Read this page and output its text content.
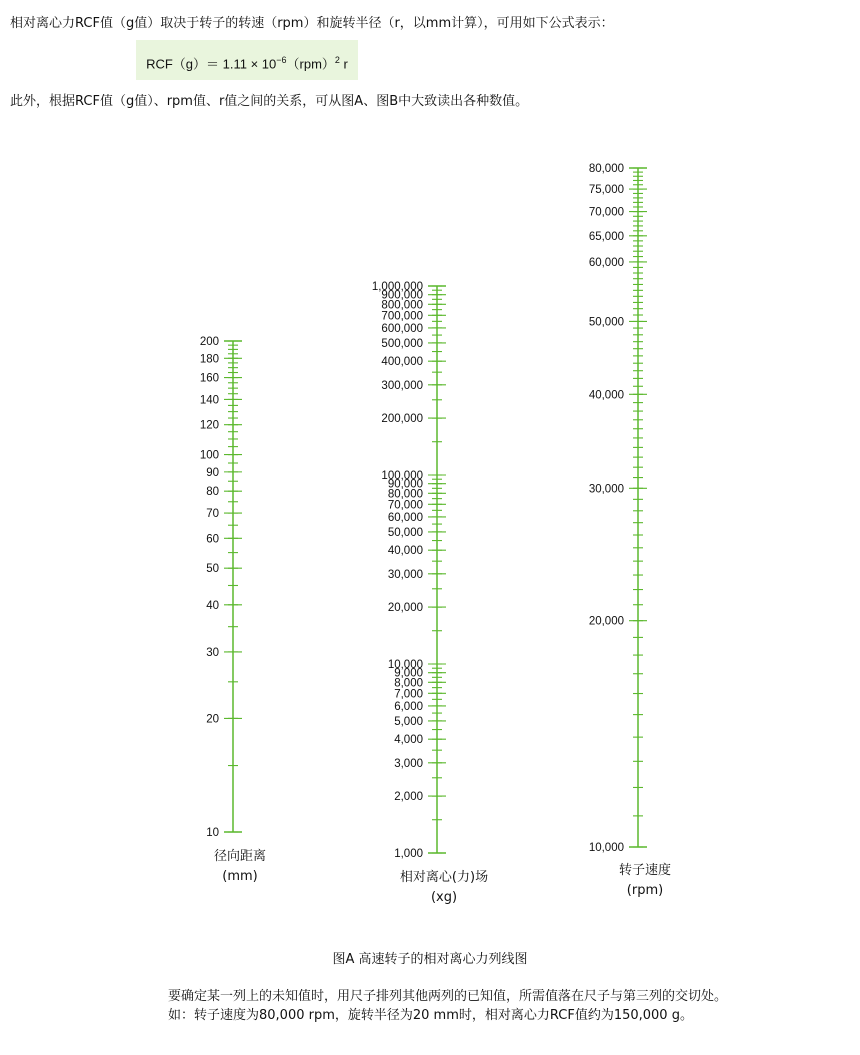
相对离心力RCF值（g值）取决于转子的转速（rpm）和旋转半径（r，以mm计算），可用如下公式表示：
$RCF(g)= 1.11 \times 10^{-6}(rpm)^2$ r
此外，根据RCF值（g值）、rpm值、r值之间的关系，可从图A、图B中大致读出各种数值。
10
20
30
40
50
60
70
80
90
100
120
140
160
180
200
径向距离
(mm)
1,000
2,000
3,000
4,000
5,000
6,000
7,000
8,000
9,000
10,000
20,000
30,000
40,000
50,000
60,000
70,000
80,000
90,000
100,000
200,000
300,000
400,000
500,000
600,000
700,000
800,000
900,000
1,000,000
相对离心(力)场
(xg)
10,000
20,000
30,000
40,000
50,000
60,000
65,000
70,000
75,000
80,000
转子速度
(rpm)
图A 高速转子的相对离心力列线图
要确定某一列上的未知值时，用尺子排列其他两列的已知值，所需值落在尺子与第三列的交切处。
如：转子速度为80,000 rpm，旋转半径为20 mm时，相对离心力RCF值约为150,000 g。
